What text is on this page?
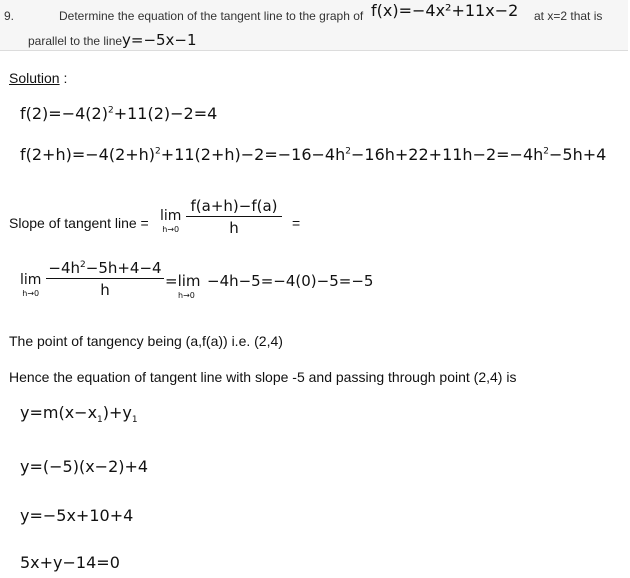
9.	Determine the equation of the tangent line to the graph of f(x)=−4x²+11x−2 at x=2 that is
parallel to the line y=−5x−1
Solution :
$f(2)=-4(2)^2+11(2)-2=4$
$f(2+h)=-4(2+h)^2+11(2+h)-2=-16-4h^2-16h+22+11h-2=-4h^2-5h+4$
Slope of tangent line = lim
h→0
f(a+h)−f(a)
h	=
lim
h→0
$-4h^2-5h+4-4$
h	=lim
h→0
−4h−5=−4(0)−5=−5
The point of tangency being (a,f(a)) i.e. (2,4)
Hence the equation of tangent line with slope -5 and passing through point (2,4) is
$y=m(x-x_1)+y_1$
y=(−5)(x−2)+4
y=−5x+10+4
5x+y−14=0
